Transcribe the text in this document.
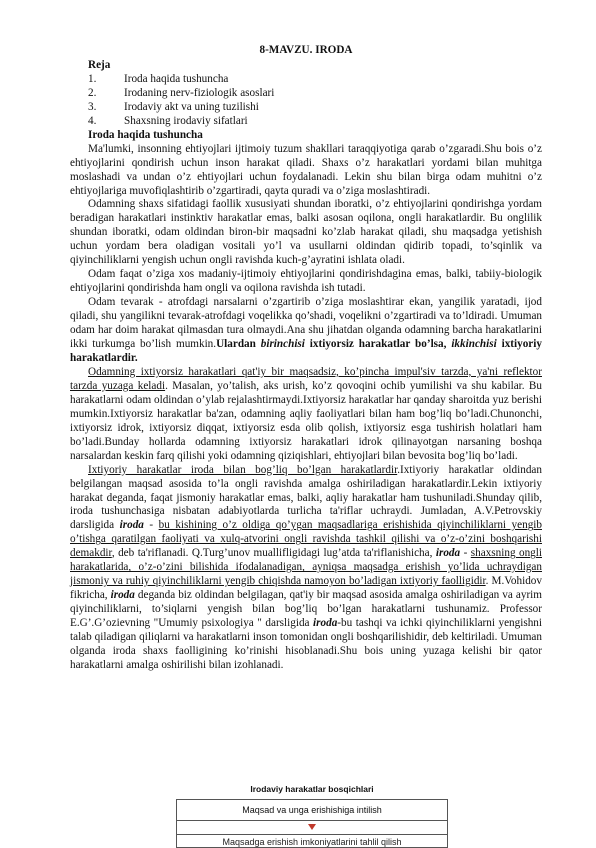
8-MAVZU. IRODA
Reja
1.	Iroda haqida tushuncha
2.	Irodaning nerv-fiziologik asoslari
3.	Irodaviy akt va uning tuzilishi
4.	Shaxsning irodaviy sifatlari
Iroda haqida tushuncha

Ma'lumki, insonning ehtiyojlari ijtimoiy tuzum shakllari taraqqiyotiga qarab o’zgaradi.Shu bois o’z ehtiyojlarini qondirish uchun inson harakat qiladi. Shaxs o’z harakatlari yordami bilan muhitga moslashadi va undan o’z ehtiyojlari uchun foydalanadi. Lekin shu bilan birga odam muhitni o’z ehtiyojlariga muvofiqlashtirib o’zgartiradi, qayta quradi va o’ziga moslashtiradi.

Odamning shaxs sifatidagi faollik xususiyati shundan iboratki, o’z ehtiyojlarini qondirishga yordam beradigan harakatlari instinktiv harakatlar emas, balki asosan oqilona, ongli harakatlardir. Bu onglilik shundan iboratki, odam oldindan biron-bir maqsadni ko’zlab harakat qiladi, shu maqsadga yetishish uchun yordam bera oladigan vositali yo’l va usullarni oldindan qidirib topadi, to’sqinlik va qiyinchiliklarni yengish uchun ongli ravishda kuch-g’ayratini ishlata oladi.

Odam faqat o’ziga xos madaniy-ijtimoiy ehtiyojlarini qondirishdagina emas, balki, tabiiy-biologik ehtiyojlarini qondirishda ham ongli va oqilona ravishda ish tutadi.

Odam tevarak - atrofdagi narsalarni o’zgartirib o’ziga moslashtirar ekan, yangilik yaratadi, ijod qiladi, shu yangilikni tevarak-atrofdagi voqelikka qo’shadi, voqelikni o’zgartiradi va to’ldiradi. Umuman odam har doim harakat qilmasdan tura olmaydi.Ana shu jihatdan olganda odamning barcha harakatlarini ikki turkumga bo’lish mumkin.Ulardan birinchisi ixtiyorsiz harakatlar bo’lsa, ikkinchisi ixtiyoriy harakatlardir.

Odamning ixtiyorsiz harakatlari qat'iy bir maqsadsiz, ko’pincha impul'siv tarzda, ya'ni reflektor tarzda yuzaga keladi. Masalan, yo’talish, aks urish, ko’z qovoqini ochib yumilishi va shu kabilar. Bu harakatlarni odam oldindan o’ylab rejalashtirmaydi.Ixtiyorsiz harakatlar har qanday sharoitda yuz berishi mumkin.Ixtiyorsiz harakatlar ba'zan, odamning aqliy faoliyatlari bilan ham bog’liq bo’ladi.Chunonchi, ixtiyorsiz idrok, ixtiyorsiz diqqat, ixtiyorsiz esda olib qolish, ixtiyorsiz esga tushirish holatlari ham bo’ladi.Bunday hollarda odamning ixtiyorsiz harakatlari idrok qilinayotgan narsaning boshqa narsalardan keskin farq qilishi yoki odamning qiziqishlari, ehtiyojlari bilan bevosita bog’liq bo’ladi.

Ixtiyoriy harakatlar iroda bilan bog’liq bo’lgan harakatlardir.Ixtiyoriy harakatlar oldindan belgilangan maqsad asosida to’la ongli ravishda amalga oshiriladigan harakatlardir.Lekin ixtiyoriy harakat deganda, faqat jismoniy harakatlar emas, balki, aqliy harakatlar ham tushuniladi.Shunday qilib, iroda tushunchasiga nisbatan adabiyotlarda turlicha ta'riflar uchraydi. Jumladan, A.V.Petrovskiy darsligida iroda - bu kishining o’z oldiga qo’ygan maqsadlariga erishishida qiyinchiliklarni yengib o’tishga qaratilgan faoliyati va xulq-atvorini ongli ravishda tashkil qilishi va o’z-o’zini boshqarishi demakdir, deb ta'riflanadi. Q.Turg’unov muallifligidagi lug’atda ta'riflanishicha, iroda - shaxsning ongli harakatlarida, o’z-o’zini bilishida ifodalanadigan, ayniqsa maqsadga erishish yo’lida uchraydigan jismoniy va ruhiy qiyinchiliklarni yengib chiqishda namoyon bo’ladigan ixtiyoriy faolligidir. M.Vohidov fikricha, iroda deganda biz oldindan belgilagan, qat'iy bir maqsad asosida amalga oshiriladigan va ayrim qiyinchiliklarni, to’siqlarni yengish bilan bog’liq bo’lgan harakatlarni tushunamiz. Professor E.G’.G’ozievning "Umumiy psixologiya " darsligida iroda-bu tashqi va ichki qiyinchiliklarni yengishni talab qiladigan qiliqlarni va harakatlarni inson tomonidan ongli boshqarilishidir, deb keltiriladi. Umuman olganda iroda shaxs faolligining ko’rinishi hisoblanadi.Shu bois uning yuzaga kelishi bir qator harakatlarni amalga oshirilishi bilan izohlanadi.

Irodaviy harakatlar bosqichlari
Maqsad va unga erishishiga intilish
Maqsadga erishish imkoniyatlarini tahlil qilish
